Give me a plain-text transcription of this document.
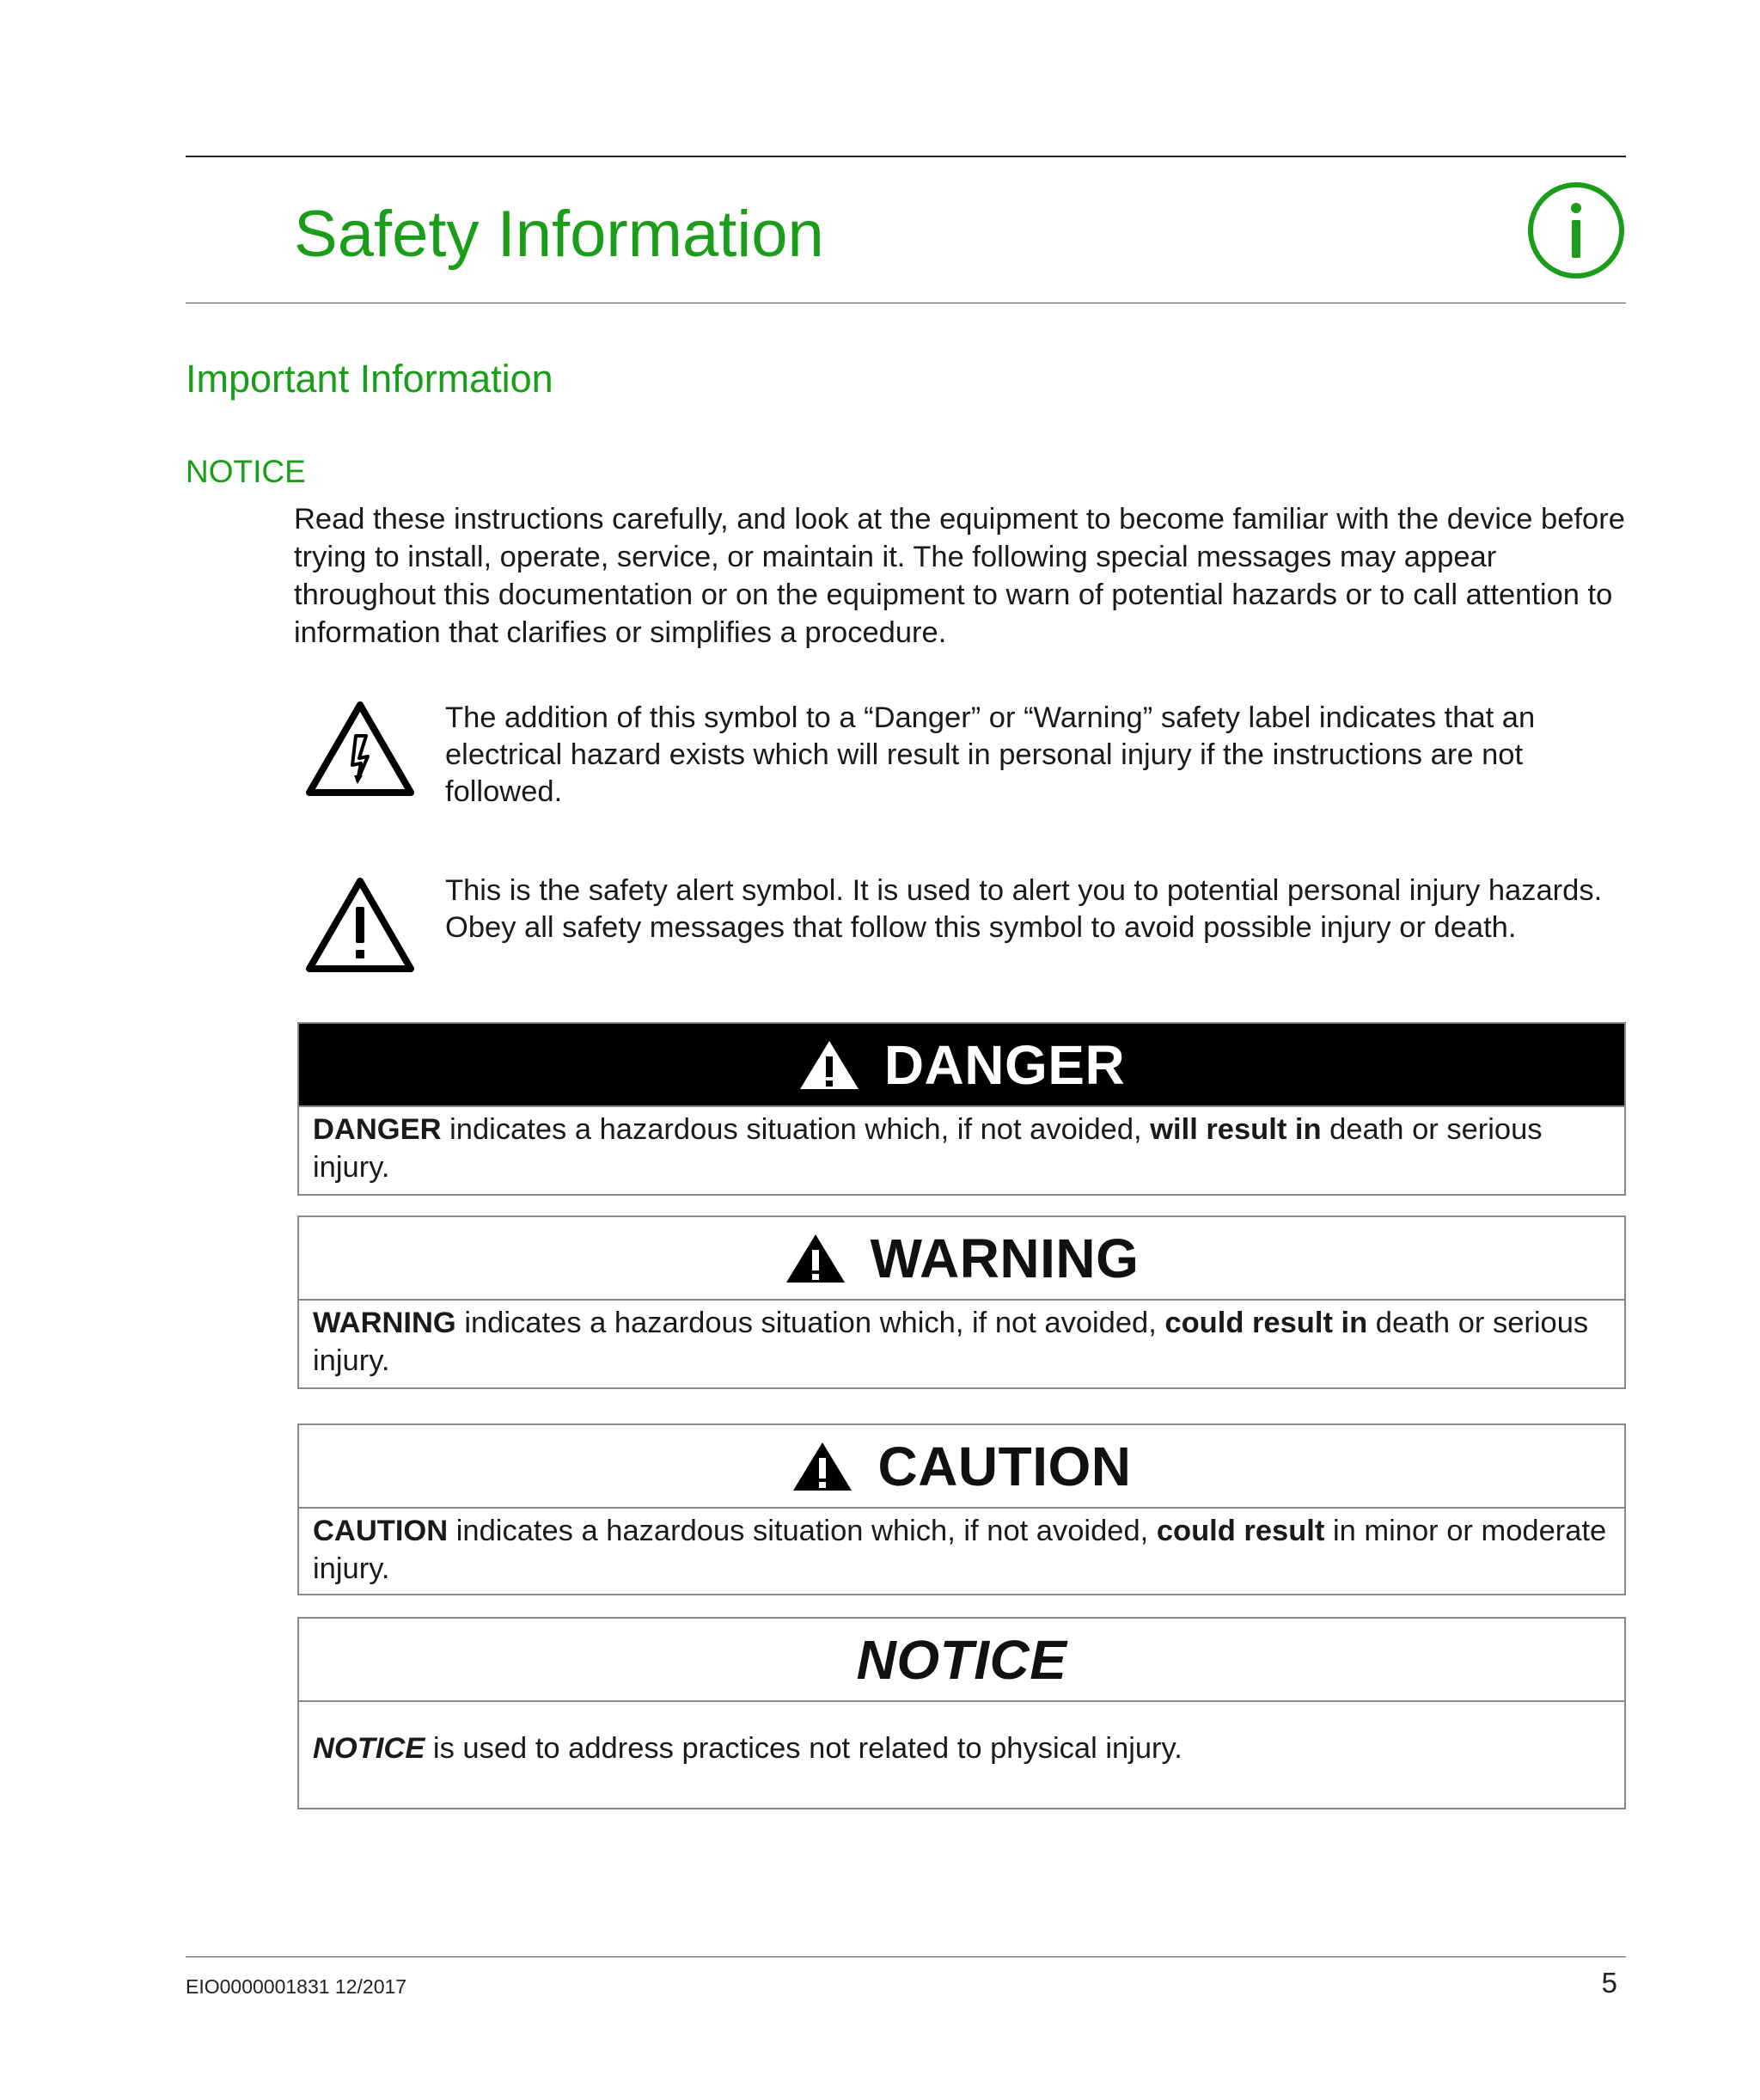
Safety Information
Important Information
NOTICE

Read these instructions carefully, and look at the equipment to become familiar with the device before trying to install, operate, service, or maintain it. The following special messages may appear throughout this documentation or on the equipment to warn of potential hazards or to call attention to information that clarifies or simplifies a procedure.

The addition of this symbol to a “Danger” or “Warning” safety label indicates that an electrical hazard exists which will result in personal injury if the instructions are not followed.

This is the safety alert symbol. It is used to alert you to potential personal injury hazards. Obey all safety messages that follow this symbol to avoid possible injury or death.

DANGER
DANGER indicates a hazardous situation which, if not avoided, will result in death or serious injury.
WARNING
WARNING indicates a hazardous situation which, if not avoided, could result in death or serious injury.
CAUTION
CAUTION indicates a hazardous situation which, if not avoided, could result in minor or moderate injury.
NOTICE
NOTICE is used to address practices not related to physical injury.
EIO0000001831 12/2017	5
